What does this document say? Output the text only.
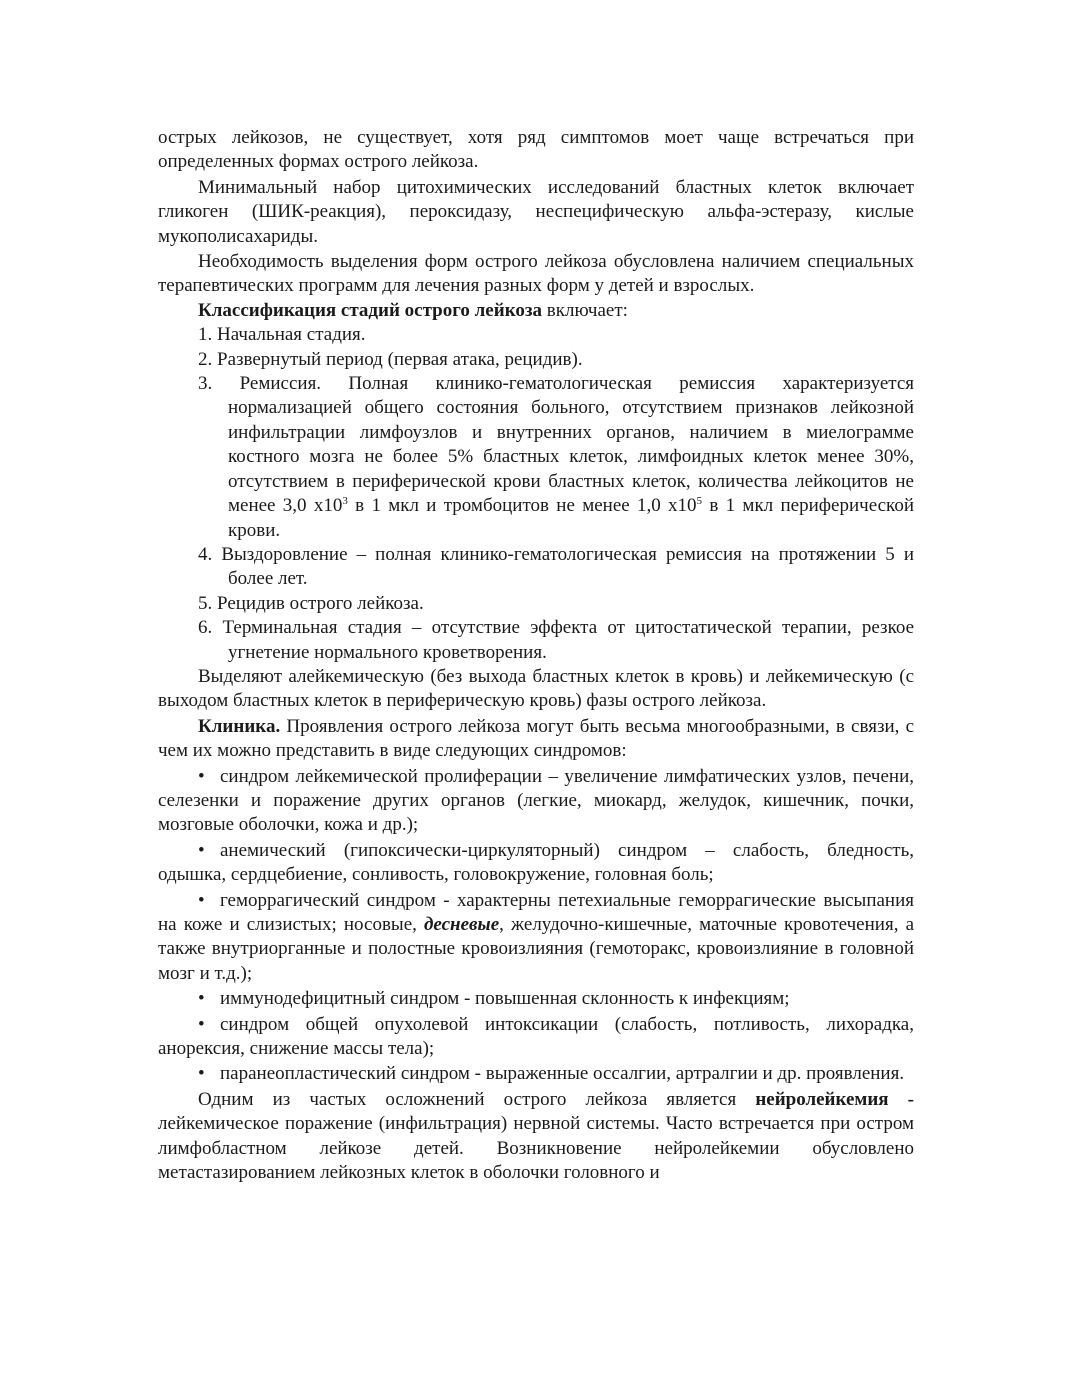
острых лейкозов, не существует, хотя ряд симптомов моет чаще встречаться при определенных формах острого лейкоза.

Минимальный набор цитохимических исследований бластных клеток включает гликоген (ШИК-реакция), пероксидазу, неспецифическую альфа-эстеразу, кислые мукополисахариды.

Необходимость выделения форм острого лейкоза обусловлена наличием специальных терапевтических программ для лечения разных форм у детей и взрослых.

Классификация стадий острого лейкоза включает:

1. Начальная стадия.

2. Развернутый период (первая атака, рецидив).

3. Ремиссия. Полная клинико-гематологическая ремиссия характеризуется нормализацией общего состояния больного, отсутствием признаков лейкозной инфильтрации лимфоузлов и внутренних органов, наличием в миелограмме костного мозга не более 5% бластных клеток, лимфоидных клеток менее 30%, отсутствием в периферической крови бластных клеток, количества лейкоцитов не менее 3,0 $х10^3$ в 1 мкл и тромбоцитов не менее 1,0 $х10^5$ в 1 мкл периферической крови.

4. Выздоровление – полная клинико-гематологическая ремиссия на протяжении 5 и более лет.

5. Рецидив острого лейкоза.

6. Терминальная стадия – отсутствие эффекта от цитостатической терапии, резкое угнетение нормального кроветворения.

Выделяют алейкемическую (без выхода бластных клеток в кровь) и лейкемическую (с выходом бластных клеток в периферическую кровь) фазы острого лейкоза.

Клиника. Проявления острого лейкоза могут быть весьма многообразными, в связи, с чем их можно представить в виде следующих синдромов:

• синдром лейкемической пролиферации – увеличение лимфатических узлов, печени, селезенки и поражение других органов (легкие, миокард, желудок, кишечник, почки, мозговые оболочки, кожа и др.);

• анемический (гипоксически-циркуляторный) синдром – слабость, бледность, одышка, сердцебиение, сонливость, головокружение, головная боль;

• геморрагический синдром - характерны петехиальные геморрагические высыпания на коже и слизистых; носовые, десневые, желудочно-кишечные, маточные кровотечения, а также внутриорганные и полостные кровоизлияния (гемоторакс, кровоизлияние в головной мозг и т.д.);

• иммунодефицитный синдром - повышенная склонность к инфекциям;

• синдром общей опухолевой интоксикации (слабость, потливость, лихорадка, анорексия, снижение массы тела);

• паранеопластический синдром - выраженные оссалгии, артралгии и др. проявления.

Одним из частых осложнений острого лейкоза является нейролейкемия - лейкемическое поражение (инфильтрация) нервной системы. Часто встречается при остром лимфобластном лейкозе детей. Возникновение нейролейкемии обусловлено метастазированием лейкозных клеток в оболочки головного и
